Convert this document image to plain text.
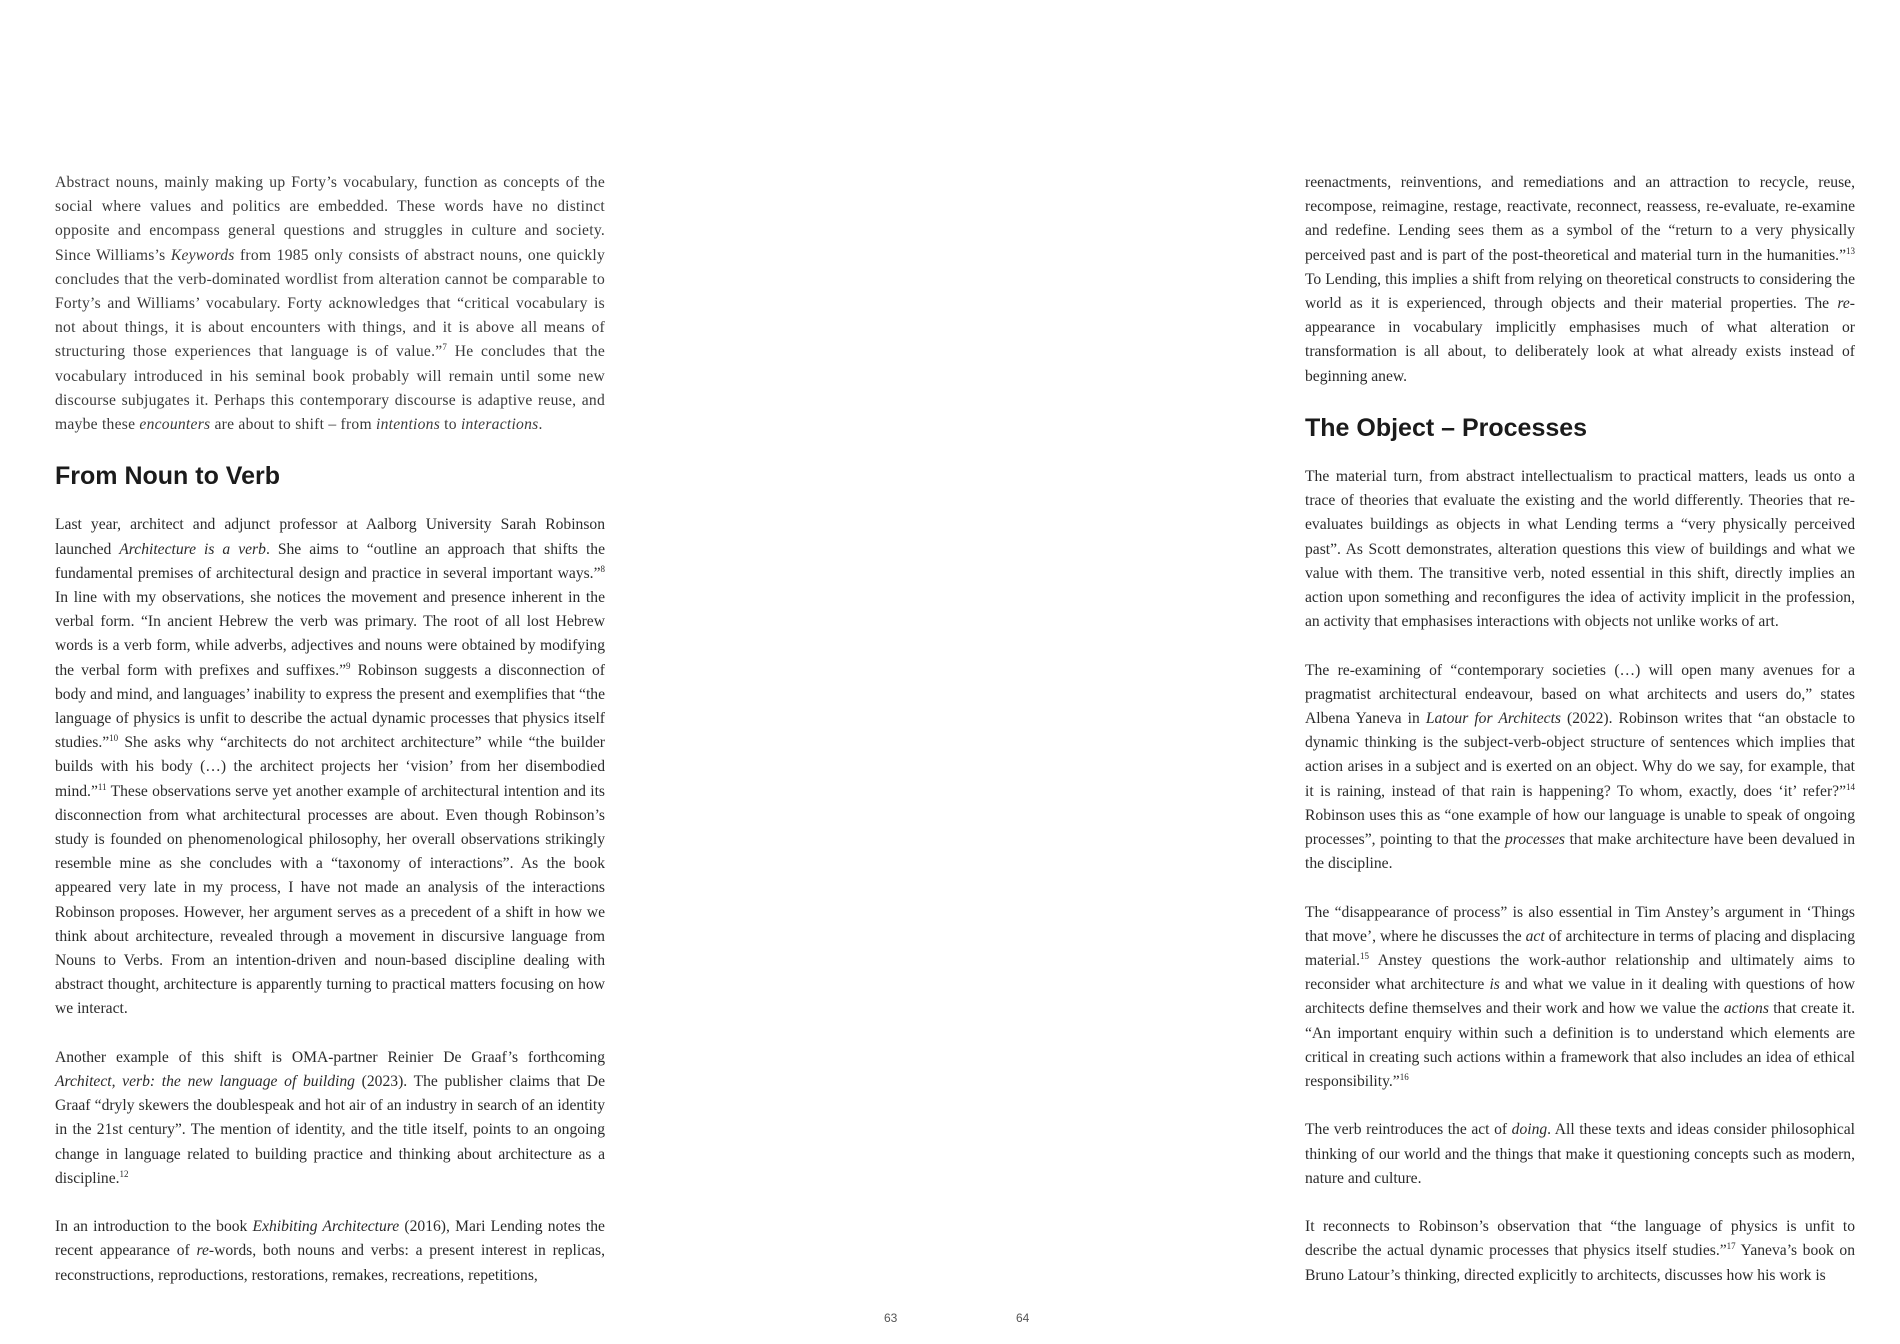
Abstract nouns, mainly making up Forty’s vocabulary, function as concepts of the social where values and politics are embedded. These words have no distinct opposite and encompass general questions and struggles in culture and society. Since Williams’s Keywords from 1985 only consists of abstract nouns, one quickly concludes that the verb-dominated wordlist from alteration cannot be comparable to Forty’s and Williams’ vocabulary. Forty acknowledges that “critical vocabulary is not about things, it is about encounters with things, and it is above all means of structuring those experiences that language is of value.”$^7$ He concludes that the vocabulary introduced in his seminal book probably will remain until some new discourse subjugates it. Perhaps this contemporary discourse is adaptive reuse, and maybe these encounters are about to shift – from intentions to interactions.

From Noun to Verb

Last year, architect and adjunct professor at Aalborg University Sarah Robinson launched Architecture is a verb. She aims to “outline an approach that shifts the fundamental premises of architectural design and practice in several important ways.”$^8$ In line with my observations, she notices the movement and presence inherent in the verbal form. “In ancient Hebrew the verb was primary. The root of all lost Hebrew words is a verb form, while adverbs, adjectives and nouns were obtained by modifying the verbal form with prefixes and suffixes.”$^9$ Robinson suggests a disconnection of body and mind, and languages’ inability to express the present and exemplifies that “the language of physics is unfit to describe the actual dynamic processes that physics itself studies.”$^{10}$ She asks why “architects do not architect architecture” while “the builder builds with his body (…) the architect projects her ‘vision’ from her disembodied mind.”$^{11}$ These observations serve yet another example of architectural intention and its disconnection from what architectural processes are about. Even though Robinson’s study is founded on phenomenological philosophy, her overall observations strikingly resemble mine as she concludes with a “taxonomy of interactions”. As the book appeared very late in my process, I have not made an analysis of the interactions Robinson proposes. However, her argument serves as a precedent of a shift in how we think about architecture, revealed through a movement in discursive language from Nouns to Verbs. From an intention-driven and noun-based discipline dealing with abstract thought, architecture is apparently turning to practical matters focusing on how we interact.

Another example of this shift is OMA-partner Reinier De Graaf’s forthcoming Architect, verb: the new language of building (2023). The publisher claims that De Graaf “dryly skewers the doublespeak and hot air of an industry in search of an identity in the 21st century”. The mention of identity, and the title itself, points to an ongoing change in language related to building practice and thinking about architecture as a discipline.$^{12}$

In an introduction to the book Exhibiting Architecture (2016), Mari Lending notes the recent appearance of re-words, both nouns and verbs: a present interest in replicas, reconstructions, reproductions, restorations, remakes, recreations, repetitions,

reenactments, reinventions, and remediations and an attraction to recycle, reuse, recompose, reimagine, restage, reactivate, reconnect, reassess, re-evaluate, re-examine and redefine. Lending sees them as a symbol of the “return to a very physically perceived past and is part of the post-theoretical and material turn in the humanities.”$^{13}$ To Lending, this implies a shift from relying on theoretical constructs to considering the world as it is experienced, through objects and their material properties. The re-appearance in vocabulary implicitly emphasises much of what alteration or transformation is all about, to deliberately look at what already exists instead of beginning anew.

The Object – Processes

The material turn, from abstract intellectualism to practical matters, leads us onto a trace of theories that evaluate the existing and the world differently. Theories that re-evaluates buildings as objects in what Lending terms a “very physically perceived past”. As Scott demonstrates, alteration questions this view of buildings and what we value with them. The transitive verb, noted essential in this shift, directly implies an action upon something and reconfigures the idea of activity implicit in the profession, an activity that emphasises interactions with objects not unlike works of art.

The re-examining of “contemporary societies (…) will open many avenues for a pragmatist architectural endeavour, based on what architects and users do,” states Albena Yaneva in Latour for Architects (2022). Robinson writes that “an obstacle to dynamic thinking is the subject-verb-object structure of sentences which implies that action arises in a subject and is exerted on an object. Why do we say, for example, that it is raining, instead of that rain is happening? To whom, exactly, does ‘it’ refer?”$^{14}$ Robinson uses this as “one example of how our language is unable to speak of ongoing processes”, pointing to that the processes that make architecture have been devalued in the discipline.

The “disappearance of process” is also essential in Tim Anstey’s argument in ‘Things that move’, where he discusses the act of architecture in terms of placing and displacing material.$^{15}$ Anstey questions the work-author relationship and ultimately aims to reconsider what architecture is and what we value in it dealing with questions of how architects define themselves and their work and how we value the actions that create it. “An important enquiry within such a definition is to understand which elements are critical in creating such actions within a framework that also includes an idea of ethical responsibility.”$^{16}$

The verb reintroduces the act of doing. All these texts and ideas consider philosophical thinking of our world and the things that make it questioning concepts such as modern, nature and culture.

It reconnects to Robinson’s observation that “the language of physics is unfit to describe the actual dynamic processes that physics itself studies.”$^{17}$ Yaneva’s book on Bruno Latour’s thinking, directed explicitly to architects, discusses how his work is

63	64
